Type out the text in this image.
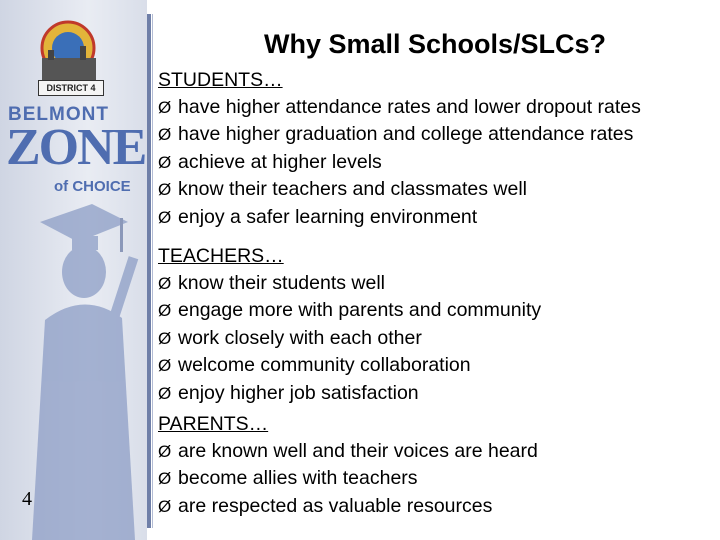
DISTRICT 4
BELMONT
ZONE
of CHOICE
4
Why Small Schools/SLCs?
STUDENTS…
Ø have higher attendance rates and lower dropout rates
Ø have higher graduation and college attendance rates
Ø achieve at higher levels
Ø know their teachers and classmates well
Ø enjoy a safer learning environment
TEACHERS…
Ø know their students well
Ø engage more with parents and community
Ø work closely with each other
Ø welcome community collaboration
Ø enjoy higher job satisfaction
PARENTS…
Ø are known well and their voices are heard
Ø become allies with teachers
Ø are respected as valuable resources
